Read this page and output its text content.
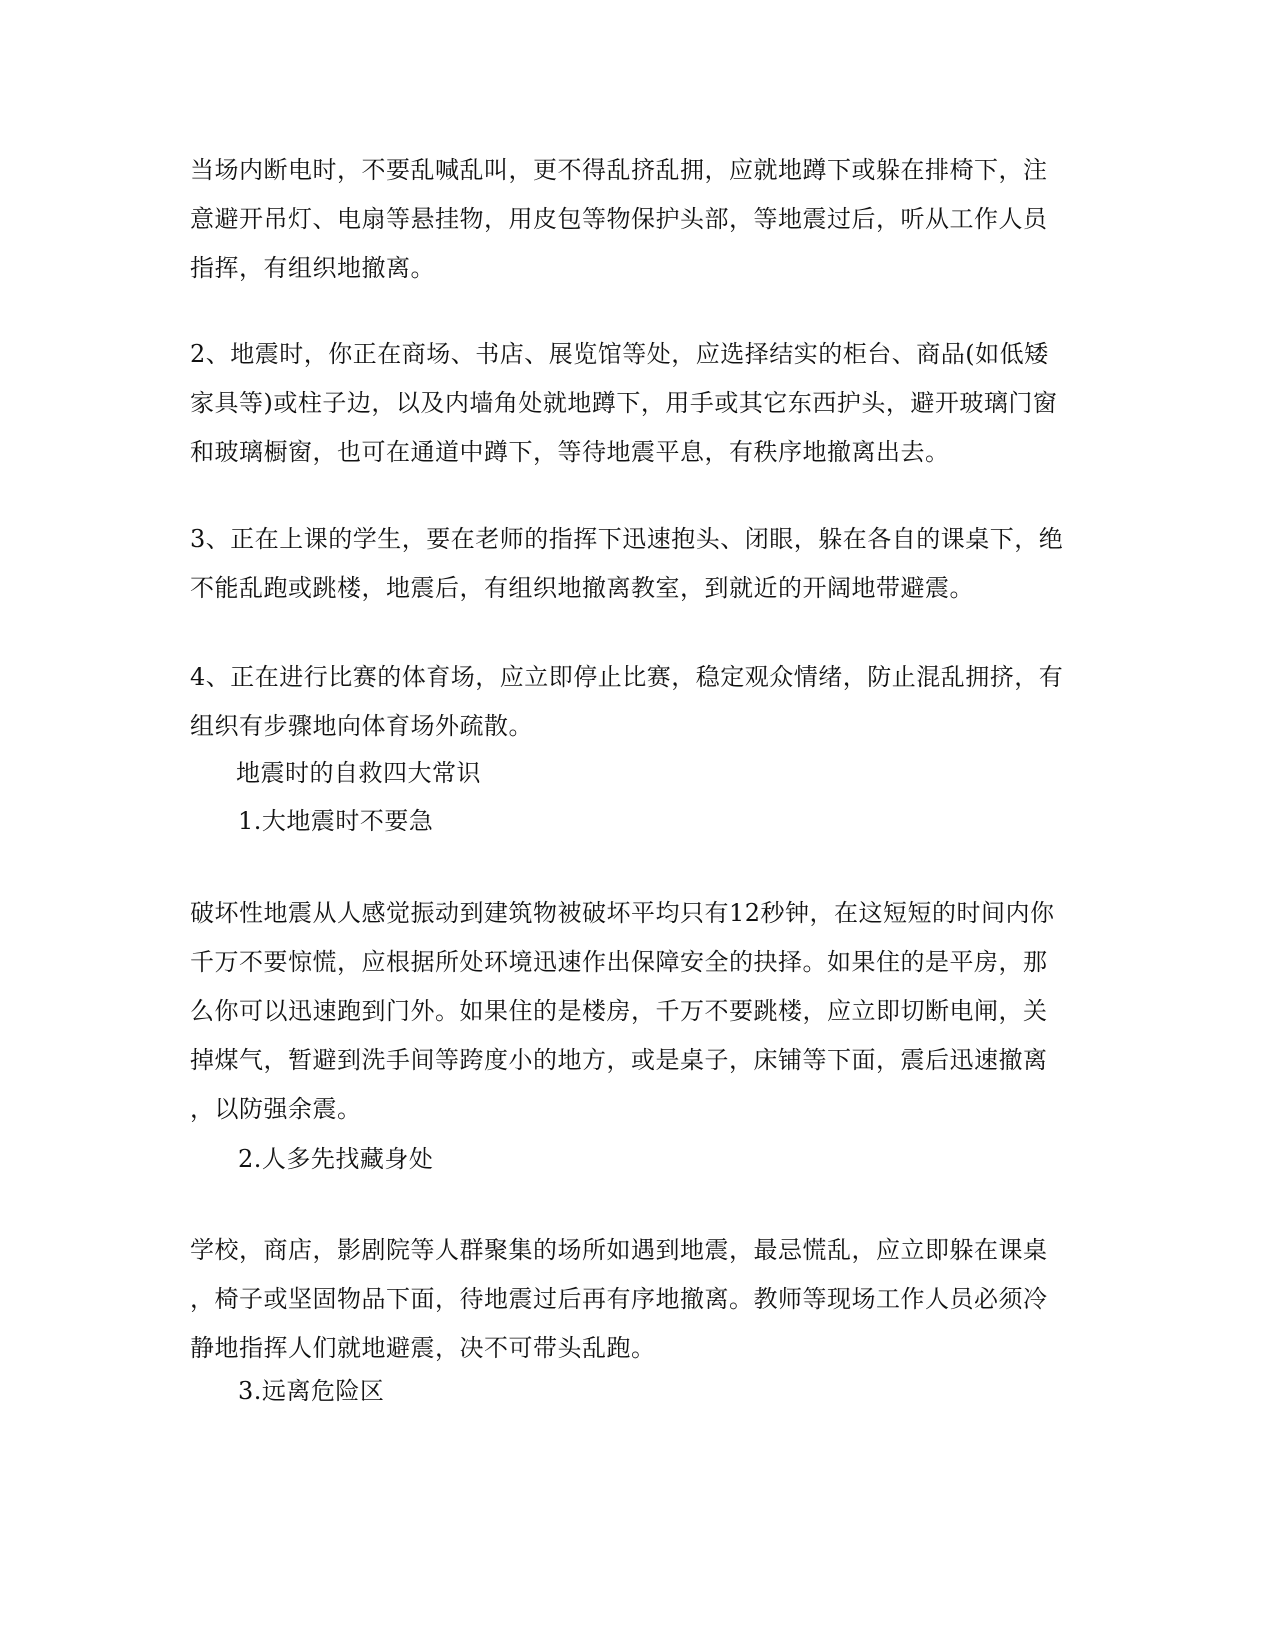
当场内断电时，不要乱喊乱叫，更不得乱挤乱拥，应就地蹲下或躲在排椅下，注
意避开吊灯、电扇等悬挂物，用皮包等物保护头部，等地震过后，听从工作人员
指挥，有组织地撤离。
2、地震时，你正在商场、书店、展览馆等处，应选择结实的柜台、商品(如低矮
家具等)或柱子边，以及内墙角处就地蹲下，用手或其它东西护头，避开玻璃门窗
和玻璃橱窗，也可在通道中蹲下，等待地震平息，有秩序地撤离出去。
3、正在上课的学生，要在老师的指挥下迅速抱头、闭眼，躲在各自的课桌下，绝
不能乱跑或跳楼，地震后，有组织地撤离教室，到就近的开阔地带避震。
4、正在进行比赛的体育场，应立即停止比赛，稳定观众情绪，防止混乱拥挤，有
组织有步骤地向体育场外疏散。
地震时的自救四大常识
1.大地震时不要急
破坏性地震从人感觉振动到建筑物被破坏平均只有12秒钟，在这短短的时间内你
千万不要惊慌，应根据所处环境迅速作出保障安全的抉择。如果住的是平房，那
么你可以迅速跑到门外。如果住的是楼房，千万不要跳楼，应立即切断电闸，关
掉煤气，暂避到洗手间等跨度小的地方，或是桌子，床铺等下面，震后迅速撤离
，以防强余震。
2.人多先找藏身处
学校，商店，影剧院等人群聚集的场所如遇到地震，最忌慌乱，应立即躲在课桌
，椅子或坚固物品下面，待地震过后再有序地撤离。教师等现场工作人员必须冷
静地指挥人们就地避震，决不可带头乱跑。
3.远离危险区
